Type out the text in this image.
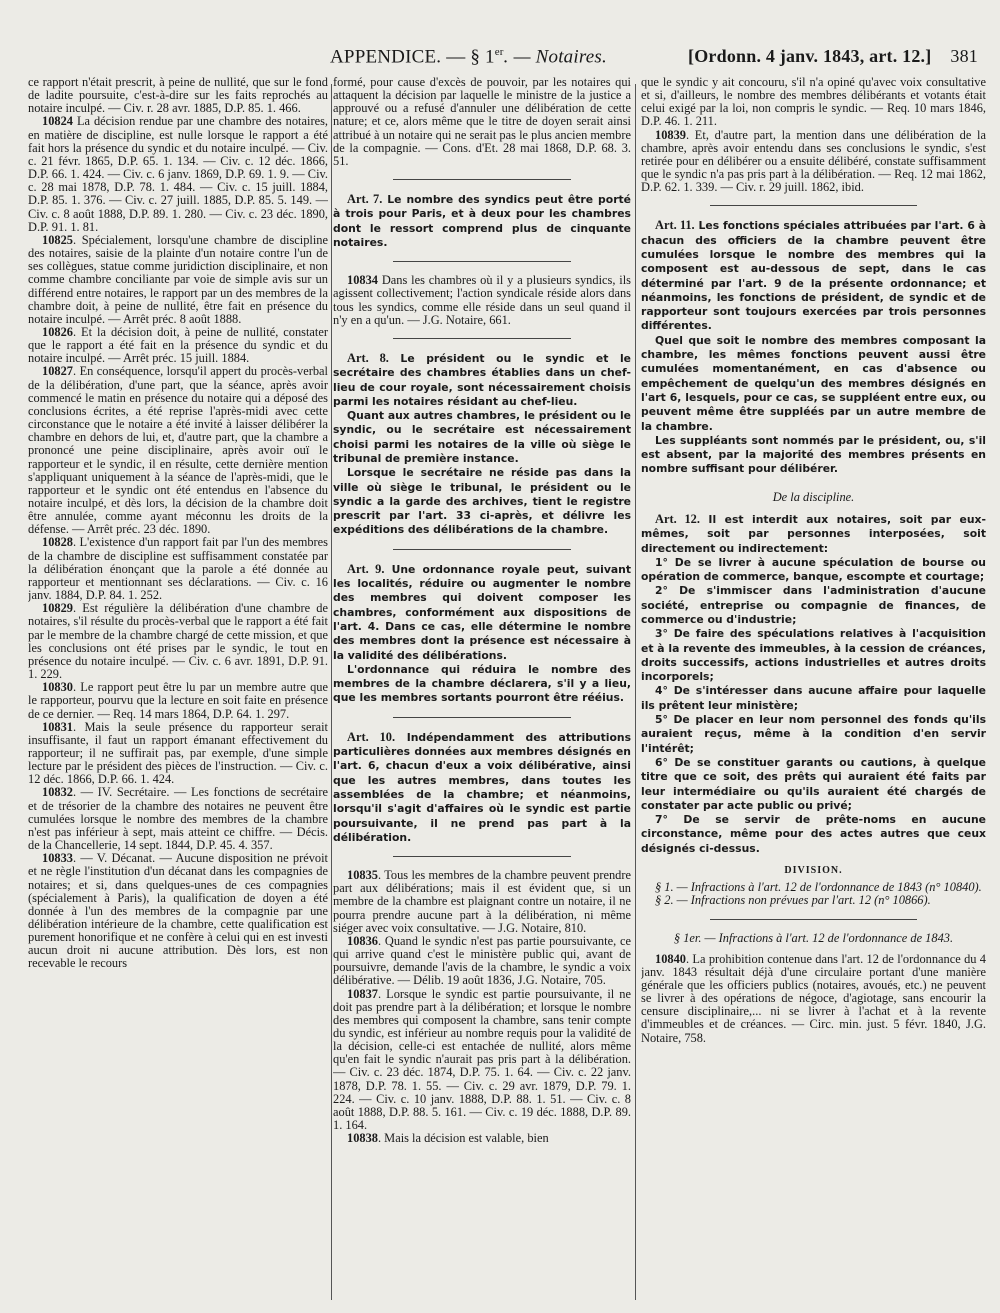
APPENDICE. — § 1er. — Notaires.	[Ordonn. 4 janv. 1843, art. 12.] 381

ce rapport n'était prescrit, à peine de nullité, que sur le fond de ladite poursuite, c'est-à-dire sur les faits reprochés au notaire inculpé. — Civ. r. 28 avr. 1885, D.P. 85. 1. 466.

10824 La décision rendue par une chambre des notaires, en matière de discipline, est nulle lorsque le rapport a été fait hors la présence du syndic et du notaire inculpé. — Civ. c. 21 févr. 1865, D.P. 65. 1. 134. — Civ. c. 12 déc. 1866, D.P. 66. 1. 424. — Civ. c. 6 janv. 1869, D.P. 69. 1. 9. — Civ. c. 28 mai 1878, D.P. 78. 1. 484. — Civ. c. 15 juill. 1884, D.P. 85. 1. 376. — Civ. c. 27 juill. 1885, D.P. 85. 5. 149. — Civ. c. 8 août 1888, D.P. 89. 1. 280. — Civ. c. 23 déc. 1890, D.P. 91. 1. 81.

10825. Spécialement, lorsqu'une chambre de discipline des notaires, saisie de la plainte d'un notaire contre l'un de ses collègues, statue comme juridiction disciplinaire, et non comme chambre conciliante par voie de simple avis sur un différend entre notaires, le rapport par un des membres de la chambre doit, à peine de nullité, être fait en présence du notaire inculpé. — Arrêt préc. 8 août 1888.

10826. Et la décision doit, à peine de nullité, constater que le rapport a été fait en la présence du syndic et du notaire inculpé. — Arrêt préc. 15 juill. 1884.

10827. En conséquence, lorsqu'il appert du procès-verbal de la délibération, d'une part, que la séance, après avoir commencé le matin en présence du notaire qui a déposé des conclusions écrites, a été reprise l'après-midi avec cette circonstance que le notaire a été invité à laisser délibérer la chambre en dehors de lui, et, d'autre part, que la chambre a prononcé une peine disciplinaire, après avoir ouï le rapporteur et le syndic, il en résulte, cette dernière mention s'appliquant uniquement à la séance de l'après-midi, que le rapporteur et le syndic ont été entendus en l'absence du notaire inculpé, et dès lors, la décision de la chambre doit être annulée, comme ayant méconnu les droits de la défense. — Arrêt préc. 23 déc. 1890.

10828. L'existence d'un rapport fait par l'un des membres de la chambre de discipline est suffisamment constatée par la délibération énonçant que la parole a été donnée au rapporteur et mentionnant ses déclarations. — Civ. c. 16 janv. 1884, D.P. 84. 1. 252.

10829. Est régulière la délibération d'une chambre de notaires, s'il résulte du procès-verbal que le rapport a été fait par le membre de la chambre chargé de cette mission, et que les conclusions ont été prises par le syndic, le tout en présence du notaire inculpé. — Civ. c. 6 avr. 1891, D.P. 91. 1. 229.

10830. Le rapport peut être lu par un membre autre que le rapporteur, pourvu que la lecture en soit faite en présence de ce dernier. — Req. 14 mars 1864, D.P. 64. 1. 297.

10831. Mais la seule présence du rapporteur serait insuffisante, il faut un rapport émanant effectivement du rapporteur; il ne suffirait pas, par exemple, d'une simple lecture par le président des pièces de l'instruction. — Civ. c. 12 déc. 1866, D.P. 66. 1. 424.

10832. — IV. Secrétaire. — Les fonctions de secrétaire et de trésorier de la chambre des notaires ne peuvent être cumulées lorsque le nombre des membres de la chambre n'est pas inférieur à sept, mais atteint ce chiffre. — Décis. de la Chancellerie, 14 sept. 1844, D.P. 45. 4. 357.

10833. — V. Décanat. — Aucune disposition ne prévoit et ne règle l'institution d'un décanat dans les compagnies de notaires; et si, dans quelques-unes de ces compagnies (spécialement à Paris), la qualification de doyen a été donnée à l'un des membres de la compagnie par une délibération intérieure de la chambre, cette qualification est purement honorifique et ne confère à celui qui en est investi aucun droit ni aucune attribution. Dès lors, est non recevable le recours

formé, pour cause d'excès de pouvoir, par les notaires qui attaquent la décision par laquelle le ministre de la justice a approuvé ou a refusé d'annuler une délibération de cette nature; et ce, alors même que le titre de doyen serait ainsi attribué à un notaire qui ne serait pas le plus ancien membre de la compagnie. — Cons. d'Et. 28 mai 1868, D.P. 68. 3. 51.

Art. 7. Le nombre des syndics peut être porté à trois pour Paris, et à deux pour les chambres dont le ressort comprend plus de cinquante notaires.

10834 Dans les chambres où il y a plusieurs syndics, ils agissent collectivement; l'action syndicale réside alors dans tous les syndics, comme elle réside dans un seul quand il n'y en a qu'un. — J.G. Notaire, 661.

Art. 8. Le président ou le syndic et le secrétaire des chambres établies dans un chef-lieu de cour royale, sont nécessairement choisis parmi les notaires résidant au chef-lieu.

Quant aux autres chambres, le président ou le syndic, ou le secrétaire est nécessairement choisi parmi les notaires de la ville où siège le tribunal de première instance.

Lorsque le secrétaire ne réside pas dans la ville où siège le tribunal, le président ou le syndic a la garde des archives, tient le registre prescrit par l'art. 33 ci-après, et délivre les expéditions des délibérations de la chambre.

Art. 9. Une ordonnance royale peut, suivant les localités, réduire ou augmenter le nombre des membres qui doivent composer les chambres, conformément aux dispositions de l'art. 4. Dans ce cas, elle détermine le nombre des membres dont la présence est nécessaire à la validité des délibérations.

L'ordonnance qui réduira le nombre des membres de la chambre déclarera, s'il y a lieu, que les membres sortants pourront être rééius.

Art. 10. Indépendamment des attributions particulières données aux membres désignés en l'art. 6, chacun d'eux a voix délibérative, ainsi que les autres membres, dans toutes les assemblées de la chambre; et néanmoins, lorsqu'il s'agit d'affaires où le syndic est partie poursuivante, il ne prend pas part à la délibération.

10835. Tous les membres de la chambre peuvent prendre part aux délibérations; mais il est évident que, si un membre de la chambre est plaignant contre un notaire, il ne pourra prendre aucune part à la délibération, ni même siéger avec voix consultative. — J.G. Notaire, 810.

10836. Quand le syndic n'est pas partie poursuivante, ce qui arrive quand c'est le ministère public qui, avant de poursuivre, demande l'avis de la chambre, le syndic a voix délibérative. — Délib. 19 août 1836, J.G. Notaire, 705.

10837. Lorsque le syndic est partie poursuivante, il ne doit pas prendre part à la délibération; et lorsque le nombre des membres qui composent la chambre, sans tenir compte du syndic, est inférieur au nombre requis pour la validité de la décision, celle-ci est entachée de nullité, alors même qu'en fait le syndic n'aurait pas pris part à la délibération. — Civ. c. 23 déc. 1874, D.P. 75. 1. 64. — Civ. c. 22 janv. 1878, D.P. 78. 1. 55. — Civ. c. 29 avr. 1879, D.P. 79. 1. 224. — Civ. c. 10 janv. 1888, D.P. 88. 1. 51. — Civ. c. 8 août 1888, D.P. 88. 5. 161. — Civ. c. 19 déc. 1888, D.P. 89. 1. 164.

10838. Mais la décision est valable, bien

que le syndic y ait concouru, s'il n'a opiné qu'avec voix consultative et si, d'ailleurs, le nombre des membres délibérants et votants était celui exigé par la loi, non compris le syndic. — Req. 10 mars 1846, D.P. 46. 1. 211.

10839. Et, d'autre part, la mention dans une délibération de la chambre, après avoir entendu dans ses conclusions le syndic, s'est retirée pour en délibérer ou a ensuite délibéré, constate suffisamment que le syndic n'a pas pris part à la délibération. — Req. 12 mai 1862, D.P. 62. 1. 339. — Civ. r. 29 juill. 1862, ibid.

Art. 11. Les fonctions spéciales attribuées par l'art. 6 à chacun des officiers de la chambre peuvent être cumulées lorsque le nombre des membres qui la composent est au-dessous de sept, dans le cas déterminé par l'art. 9 de la présente ordonnance; et néanmoins, les fonctions de président, de syndic et de rapporteur sont toujours exercées par trois personnes différentes.

Quel que soit le nombre des membres composant la chambre, les mêmes fonctions peuvent aussi être cumulées momentanément, en cas d'absence ou empêchement de quelqu'un des membres désignés en l'art 6, lesquels, pour ce cas, se suppléent entre eux, ou peuvent même être suppléés par un autre membre de la chambre.

Les suppléants sont nommés par le président, ou, s'il est absent, par la majorité des membres présents en nombre suffisant pour délibérer.

De la discipline.

Art. 12. Il est interdit aux notaires, soit par eux-mêmes, soit par personnes interposées, soit directement ou indirectement:

1° De se livrer à aucune spéculation de bourse ou opération de commerce, banque, escompte et courtage;

2° De s'immiscer dans l'administration d'aucune société, entreprise ou compagnie de finances, de commerce ou d'industrie;

3° De faire des spéculations relatives à l'acquisition et à la revente des immeubles, à la cession de créances, droits successifs, actions industrielles et autres droits incorporels;

4° De s'intéresser dans aucune affaire pour laquelle ils prêtent leur ministère;

5° De placer en leur nom personnel des fonds qu'ils auraient reçus, même à la condition d'en servir l'intérêt;

6° De se constituer garants ou cautions, à quelque titre que ce soit, des prêts qui auraient été faits par leur intermédiaire ou qu'ils auraient été chargés de constater par acte public ou privé;

7° De se servir de prête-noms en aucune circonstance, même pour des actes autres que ceux désignés ci-dessus.

DIVISION.

§ 1. — Infractions à l'art. 12 de l'ordonnance de 1843 (n° 10840).

§ 2. — Infractions non prévues par l'art. 12 (n° 10866).

§ 1er. — Infractions à l'art. 12 de l'ordonnance de 1843.

10840. La prohibition contenue dans l'art. 12 de l'ordonnance du 4 janv. 1843 résultait déjà d'une circulaire portant d'une manière générale que les officiers publics (notaires, avoués, etc.) ne peuvent se livrer à des opérations de négoce, d'agiotage, sans encourir la censure disciplinaire,... ni se livrer à l'achat et à la revente d'immeubles et de créances. — Circ. min. just. 5 févr. 1840, J.G. Notaire, 758.
